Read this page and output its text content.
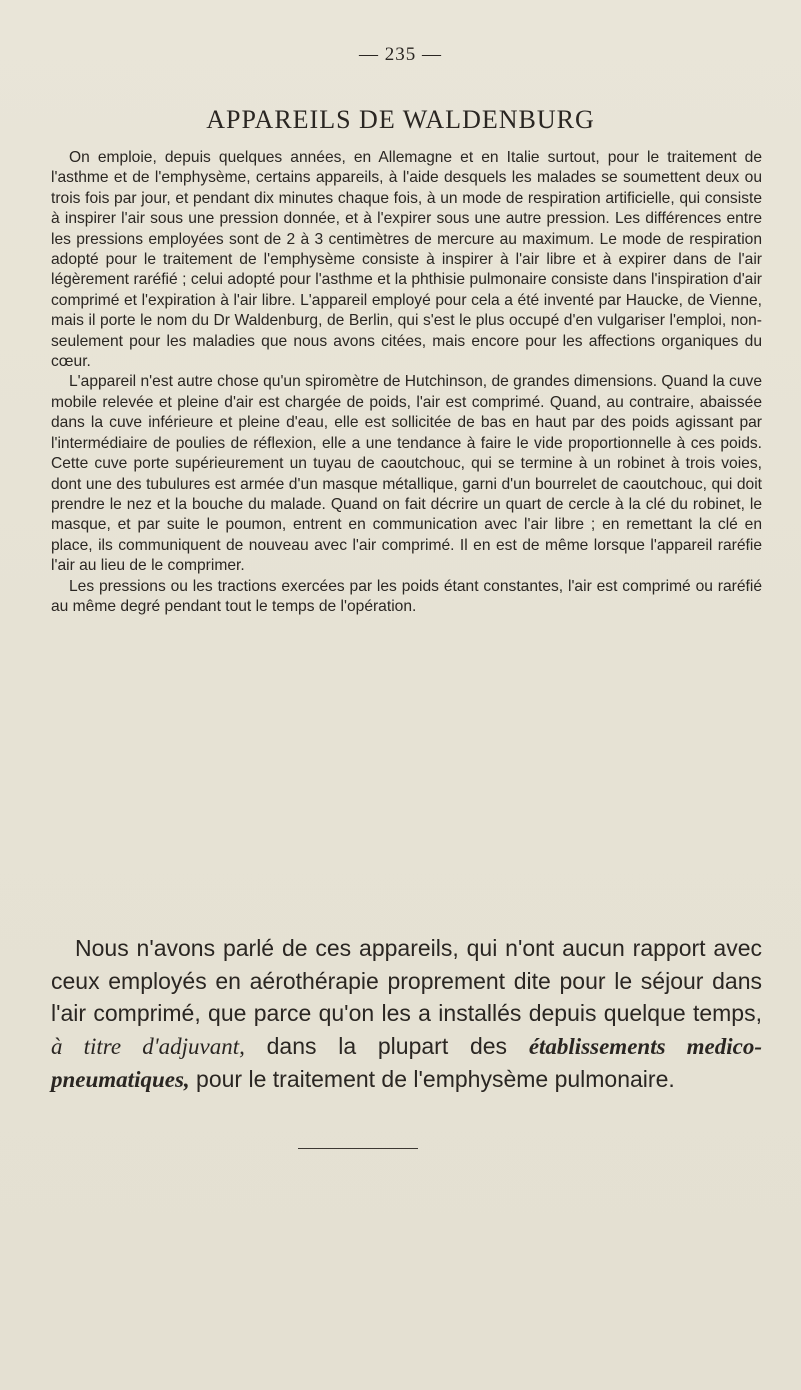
— 235 —
APPAREILS DE WALDENBURG

On emploie, depuis quelques années, en Allemagne et en Italie surtout, pour le traitement de l'asthme et de l'emphysème, certains appareils, à l'aide desquels les malades se soumettent deux ou trois fois par jour, et pendant dix minutes chaque fois, à un mode de respiration artificielle, qui consiste à inspirer l'air sous une pression donnée, et à l'expirer sous une autre pression. Les différences entre les pressions employées sont de 2 à 3 centimètres de mercure au maximum. Le mode de respiration adopté pour le traitement de l'emphysème consiste à inspirer à l'air libre et à expirer dans de l'air légèrement raréfié ; celui adopté pour l'asthme et la phthisie pulmonaire consiste dans l'inspiration d'air comprimé et l'expiration à l'air libre. L'appareil employé pour cela a été inventé par Haucke, de Vienne, mais il porte le nom du Dr Waldenburg, de Berlin, qui s'est le plus occupé d'en vulgariser l'emploi, non-seulement pour les maladies que nous avons citées, mais encore pour les affections organiques du cœur.

L'appareil n'est autre chose qu'un spiromètre de Hutchinson, de grandes dimensions. Quand la cuve mobile relevée et pleine d'air est chargée de poids, l'air est comprimé. Quand, au contraire, abaissée dans la cuve inférieure et pleine d'eau, elle est sollicitée de bas en haut par des poids agissant par l'intermédiaire de poulies de réflexion, elle a une tendance à faire le vide proportionnelle à ces poids. Cette cuve porte supérieurement un tuyau de caoutchouc, qui se termine à un robinet à trois voies, dont une des tubulures est armée d'un masque métallique, garni d'un bourrelet de caoutchouc, qui doit prendre le nez et la bouche du malade. Quand on fait décrire un quart de cercle à la clé du robinet, le masque, et par suite le poumon, entrent en communication avec l'air libre ; en remettant la clé en place, ils communiquent de nouveau avec l'air comprimé. Il en est de même lorsque l'appareil raréfie l'air au lieu de le comprimer.

Les pressions ou les tractions exercées par les poids étant constantes, l'air est comprimé ou raréfié au même degré pendant tout le temps de l'opération.

Nous n'avons parlé de ces appareils, qui n'ont aucun rapport avec ceux employés en aérothérapie proprement dite pour le séjour dans l'air comprimé, que parce qu'on les a installés depuis quelque temps, à titre d'adjuvant, dans la plupart des établissements medico-pneumatiques, pour le traitement de l'emphysème pulmonaire.
